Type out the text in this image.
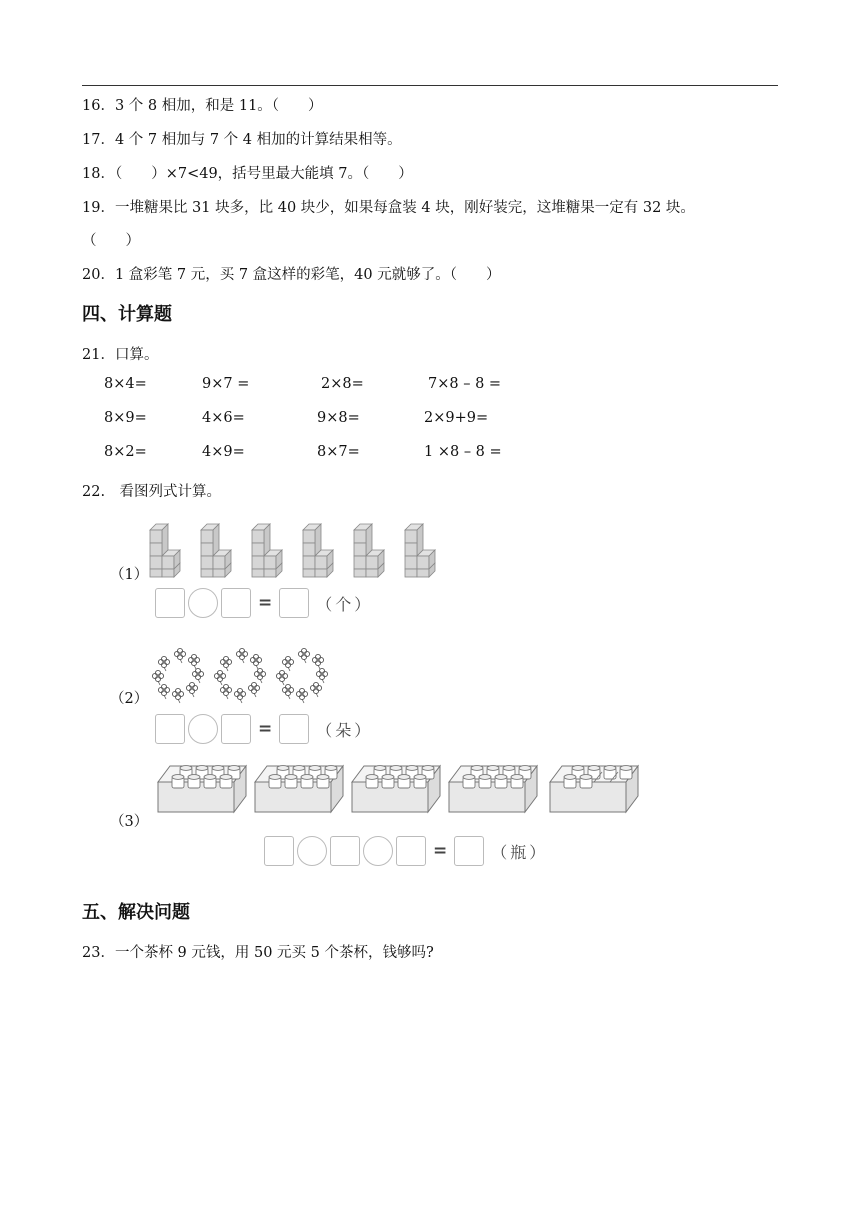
16．3 个 8 相加，和是 11。（　　）
17．4 个 7 相加与 7 个 4 相加的计算结果相等。
18．（　　）×7<49，括号里最大能填 7。（　　）
19．一堆糖果比 31 块多，比 40 块少，如果每盒装 4 块，刚好装完，这堆糖果一定有 32 块。
（　　）
20．1 盒彩笔 7 元，买 7 盒这样的彩笔，40 元就够了。（　　）
四、计算题
21．口算。
8×4=	9×7 =	2×8=	7×8 – 8 =
8×9=	4×6=	9×8=	2×9+9=
8×2=	4×9=	8×7=	1 ×8 – 8 =
22.　看图列式计算。
（1）
=	（个）
（2）
=	（朵）
（3）
=	（瓶）
五、解决问题
23．一个茶杯 9 元钱，用 50 元买 5 个茶杯，钱够吗?
